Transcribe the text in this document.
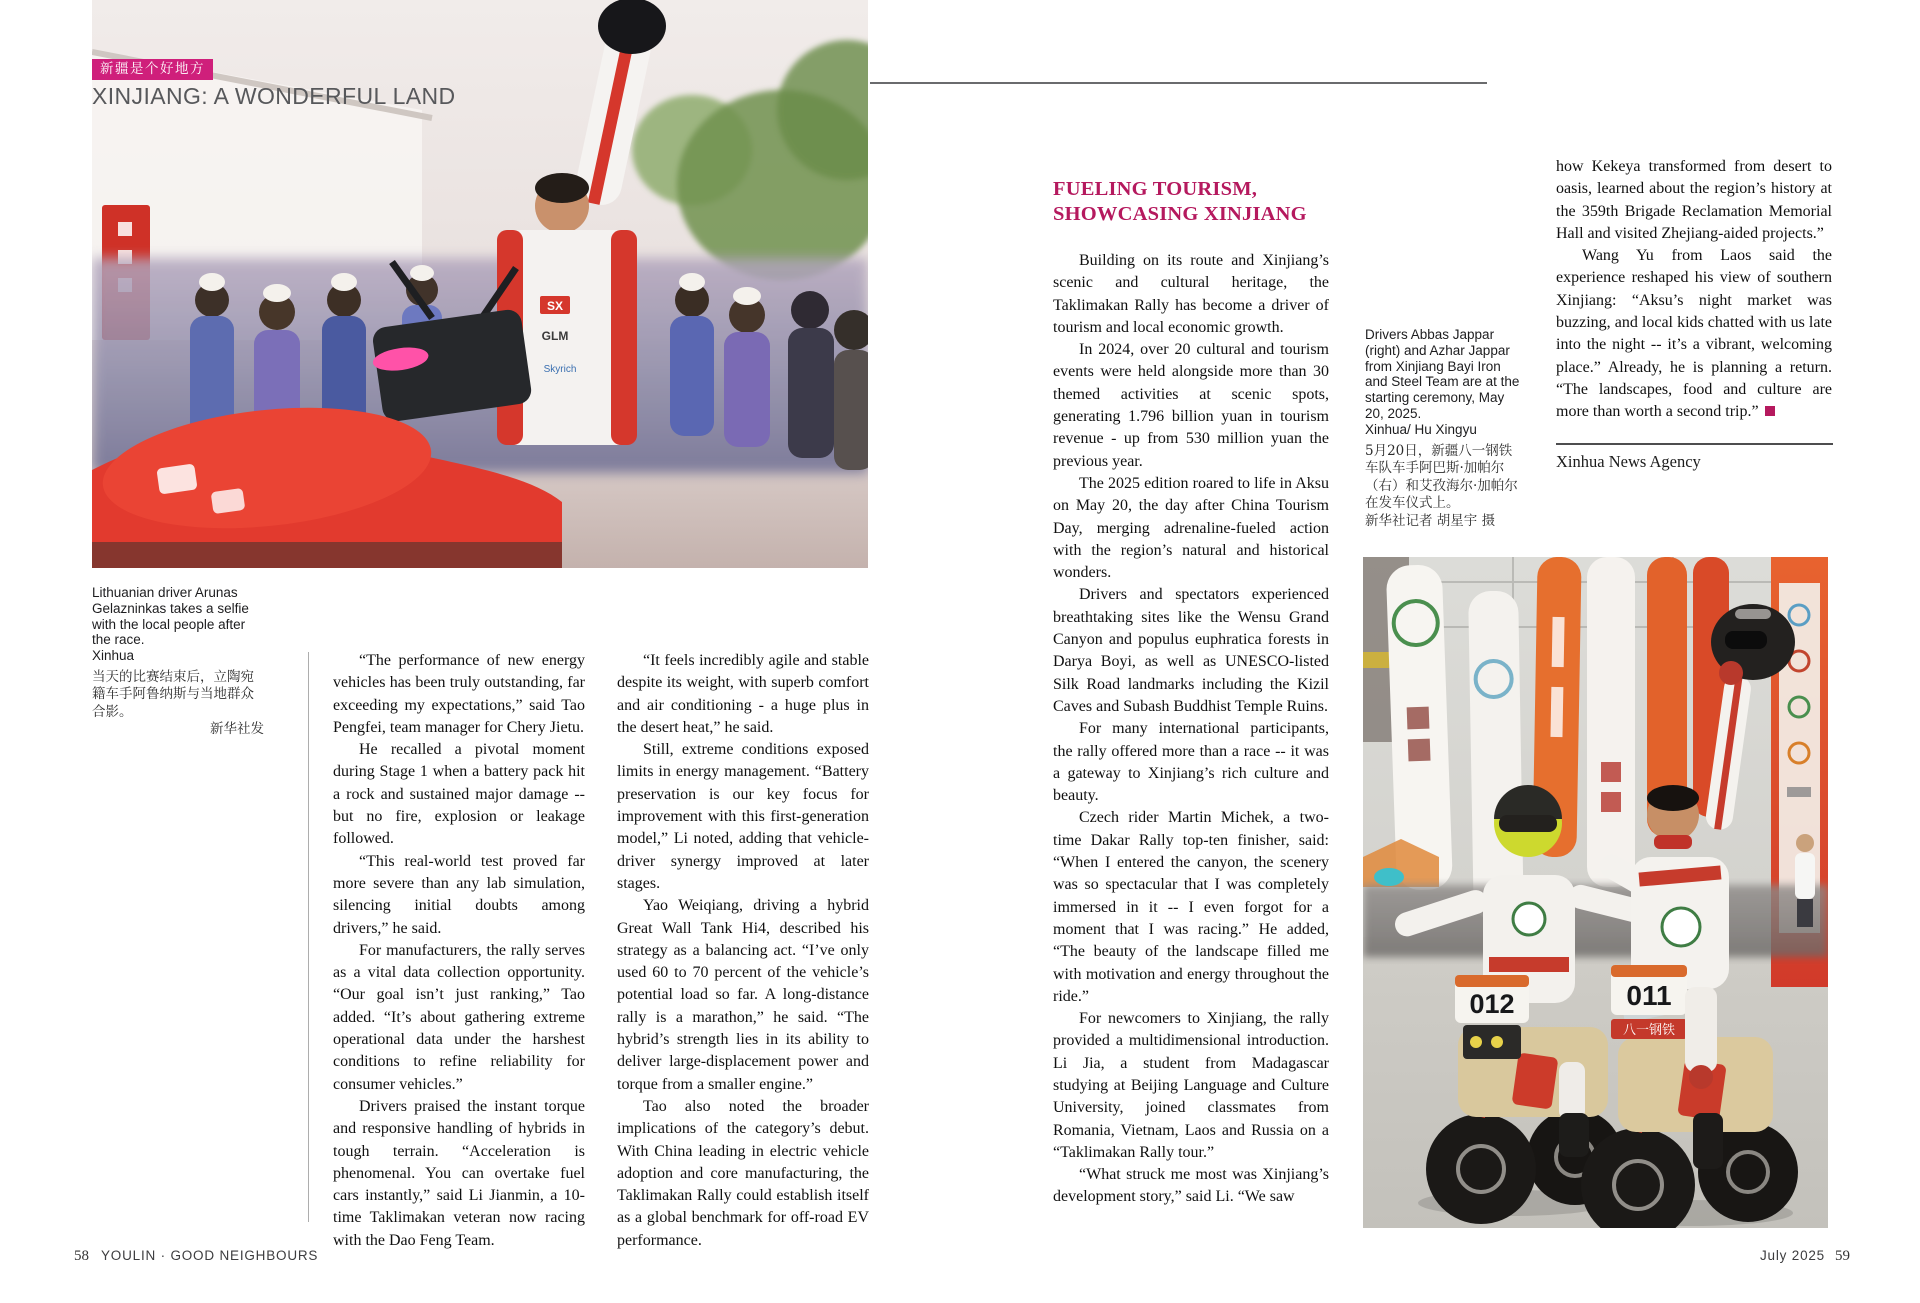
SX
GLM
Skyrich
新疆是个好地方
XINJIANG: A WONDERFUL LAND
Lithuanian driver Arunas Gelazninkas takes a selfie with the local people after the race.
Xinhua
当天的比赛结束后，立陶宛籍车手阿鲁纳斯与当地群众合影。
新华社发

“The performance of new energy vehicles has been truly outstanding, far exceeding my expectations,” said Tao Pengfei, team manager for Chery Jietu.

He recalled a pivotal moment during Stage 1 when a battery pack hit a rock and sustained major damage -- but no fire, explosion or leakage followed.

“This real-world test proved far more severe than any lab simulation, silencing initial doubts among drivers,” he said.

For manufacturers, the rally serves as a vital data collection opportunity. “Our goal isn’t just ranking,” Tao added. “It’s about gathering extreme operational data under the harshest conditions to refine reliability for consumer vehicles.”

Drivers praised the instant torque and responsive handling of hybrids in tough terrain. “Acceleration is phenomenal. You can overtake fuel cars instantly,” said Li Jianmin, a 10-time Taklimakan veteran now racing with the Dao Feng Team.

“It feels incredibly agile and stable despite its weight, with superb comfort and air conditioning - a huge plus in the desert heat,” he said.

Still, extreme conditions exposed limits in energy management. “Battery preservation is our key focus for improvement with this first-generation model,” Li noted, adding that vehicle-driver synergy improved at later stages.

Yao Weiqiang, driving a hybrid Great Wall Tank Hi4, described his strategy as a balancing act. “I’ve only used 60 to 70 percent of the vehicle’s potential load so far. A long-distance rally is a marathon,” he said. “The hybrid’s strength lies in its ability to deliver large-displacement power and torque from a smaller engine.”

Tao also noted the broader implications of the category’s debut. With China leading in electric vehicle adoption and core manufacturing, the Taklimakan Rally could establish itself as a global benchmark for off-road EV performance.

FUELING TOURISM,
SHOWCASING XINJIANG

Building on its route and Xinjiang’s scenic and cultural heritage, the Taklimakan Rally has become a driver of tourism and local economic growth.

In 2024, over 20 cultural and tourism events were held alongside more than 30 themed activities at scenic spots, generating 1.796 billion yuan in tourism revenue - up from 530 million yuan the previous year.

The 2025 edition roared to life in Aksu on May 20, the day after China Tourism Day, merging adrenaline-fueled action with the region’s natural and historical wonders.

Drivers and spectators experienced breathtaking sites like the Wensu Grand Canyon and populus euphratica forests in Darya Boyi, as well as UNESCO-listed Silk Road landmarks including the Kizil Caves and Subash Buddhist Temple Ruins.

For many international participants, the rally offered more than a race -- it was a gateway to Xinjiang’s rich culture and beauty.

Czech rider Martin Michek, a two-time Dakar Rally top-ten finisher, said: “When I entered the canyon, the scenery was so spectacular that I was completely immersed in it -- I even forgot for a moment that I was racing.” He added, “The beauty of the landscape filled me with motivation and energy throughout the ride.”

For newcomers to Xinjiang, the rally provided a multidimensional introduction. Li Jia, a student from Madagascar studying at Beijing Language and Culture University, joined classmates from Romania, Vietnam, Laos and Russia on a “Taklimakan Rally tour.”

“What struck me most was Xinjiang’s development story,” said Li. “We saw

Drivers Abbas Jappar (right) and Azhar Jappar from Xinjiang Bayi Iron and Steel Team are at the starting ceremony, May 20, 2025.
Xinhua/ Hu Xingyu
5月20日，新疆八一钢铁车队车手阿巴斯·加帕尔（右）和艾孜海尔·加帕尔在发车仪式上。
新华社记者 胡星宇 摄

how Kekeya transformed from desert to oasis, learned about the region’s history at the 359th Brigade Reclamation Memorial Hall and visited Zhejiang-aided projects.”

Wang Yu from Laos said the experience reshaped his view of southern Xinjiang: “Aksu’s night market was buzzing, and local kids chatted with us late into the night -- it’s a vibrant, welcoming place.” Already, he is planning a return. “The landscapes, food and culture are more than worth a second trip.”

Xinhua News Agency
012	011
八一钢铁
58 YOULIN · GOOD NEIGHBOURS	July 2025 59
